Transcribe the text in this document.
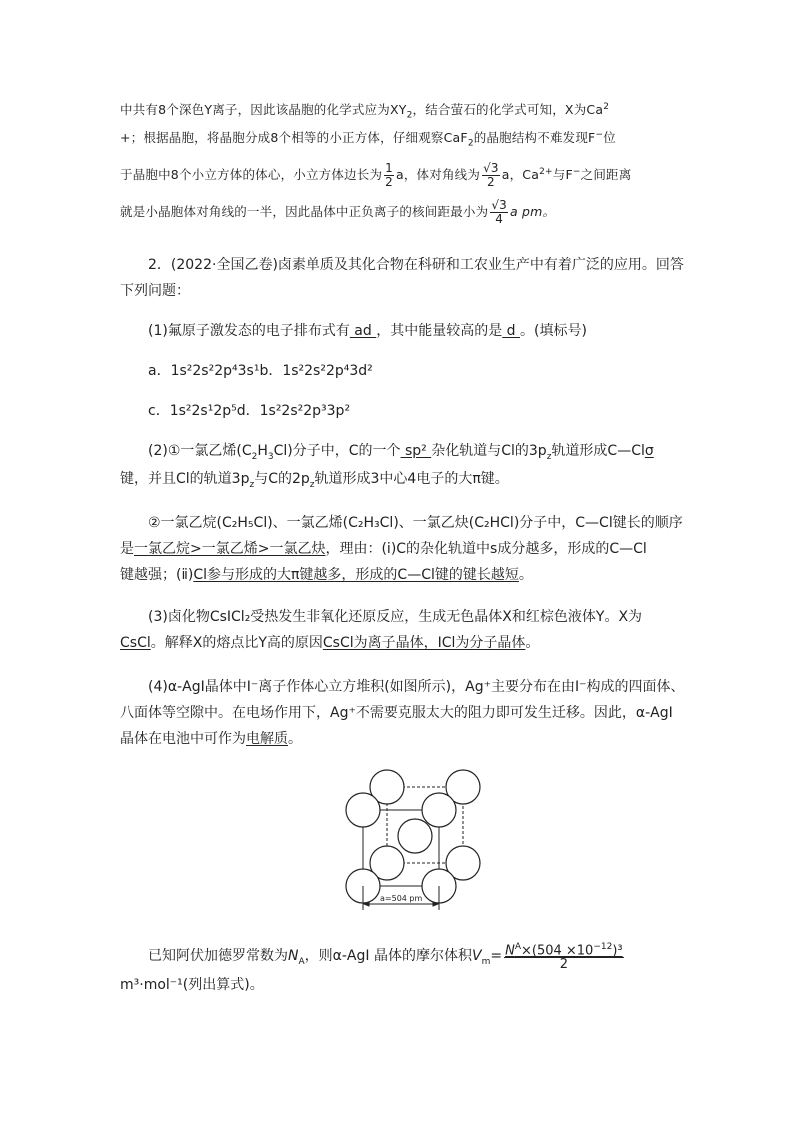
中共有8个深色Y离子，因此该晶胞的化学式应为$XY_2$，结合萤石的化学式可知，X为$Ca^2$
+；根据晶胞，将晶胞分成8个相等的小正方体，仔细观察CaF$_2$的晶胞结构不难发现F−位
于晶胞中8个小立方体的体心，小立方体边长为 $\frac{1}{2}$ a，体对角线为 $\frac{√3}{2}$ a，$Ca^{2+}$与F−之间距离
就是小晶胞体对角线的一半，因此晶体中正负离子的核间距最小为 $\frac{√3}{4}$ a pm。
2．(2022·全国乙卷)卤素单质及其化合物在科研和工农业生产中有着广泛的应用。回答
下列问题：
(1)氟原子激发态的电子排布式有 ad ，其中能量较高的是 d 。(填标号)
a．1s²2s²2p⁴3s¹b．1s²2s²2p⁴3d²
c．1s²2s¹2p⁵d．1s²2s²2p³3p²
(2)①一氯乙烯$(C_2H_3Cl)$分子中，C的一个 sp² 杂化轨道与Cl的$3p_z$轨道形成C—Clσ
键，并且Cl的轨道$3p_z$与C的$2p_z$轨道形成3中心4电子的大π键。
②一氯乙烷(C₂H₅Cl)、一氯乙烯(C₂H₃Cl)、一氯乙炔(C₂HCl)分子中，C—Cl键长的顺序
是一氯乙烷>一氯乙烯>一氯乙炔，理由：(ⅰ)C的杂化轨道中s成分越多，形成的C—Cl
键越强；(ⅱ)Cl参与形成的大π键越多，形成的C—Cl键的键长越短。
(3)卤化物CsICl₂受热发生非氧化还原反应，生成无色晶体X和红棕色液体Y。X为
CsCl。解释X的熔点比Y高的原因CsCl为离子晶体，ICl为分子晶体。
(4)α-AgI晶体中I⁻离子作体心立方堆积(如图所示)，Ag⁺主要分布在由I⁻构成的四面体、
八面体等空隙中。在电场作用下，Ag⁺不需要克服太大的阻力即可发生迁移。因此，α-AgI
晶体在电池中可作为电解质。
a=504 pm
已知阿伏加德罗常数为$N_A$，则α-AgI 晶体的摩尔体积$V_m= \frac{N^A\times(504 \times 10^{-12})^3}{2}$
m³·mol⁻¹(列出算式)。
